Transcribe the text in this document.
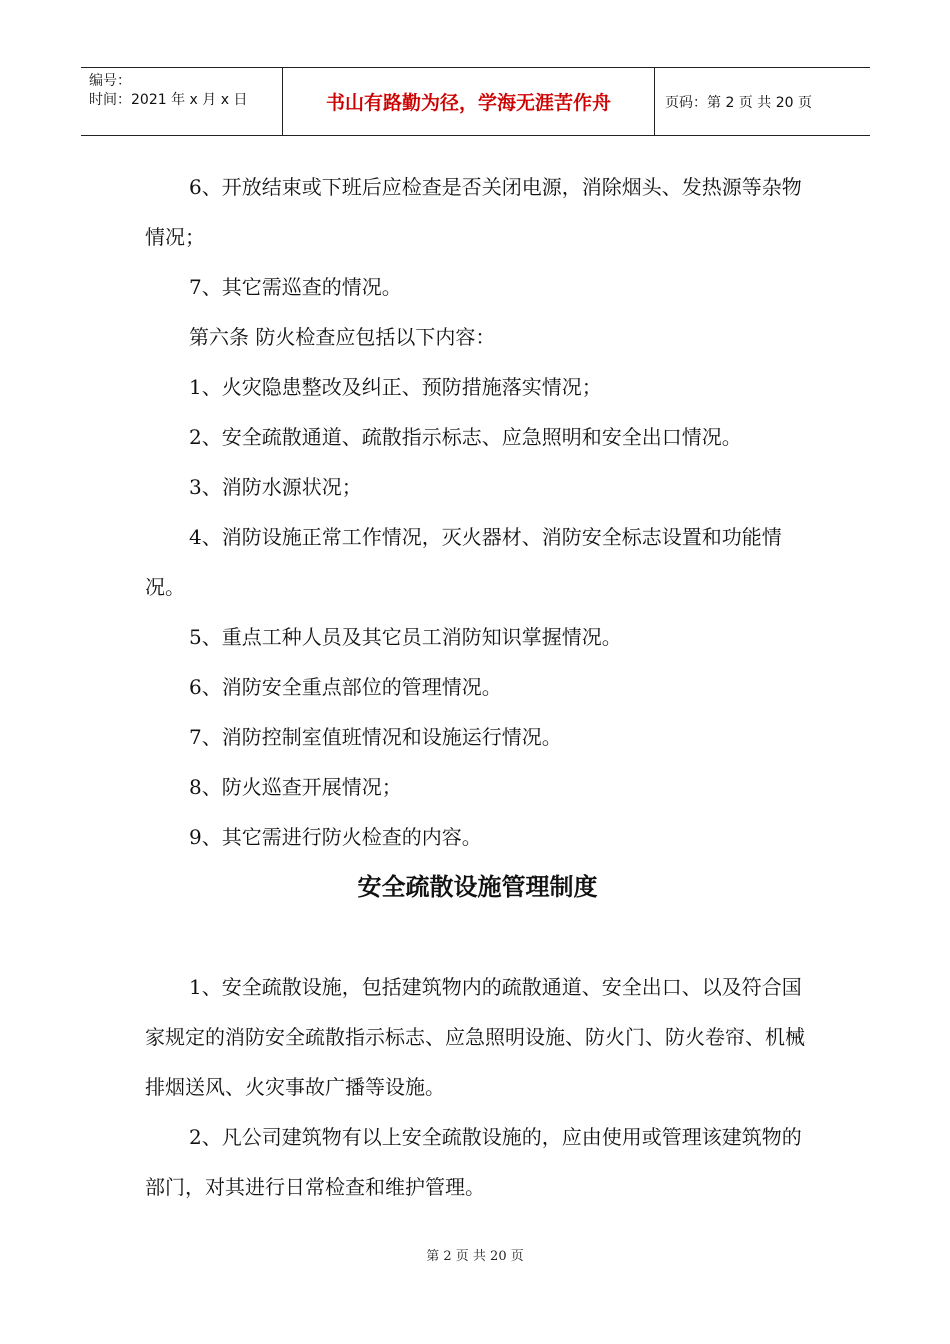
编号：
时间：2021 年 x 月 x 日	书山有路勤为径，学海无涯苦作舟	页码：第 2 页 共 20 页

6、开放结束或下班后应检查是否关闭电源，消除烟头、发热源等杂物情况；

7、其它需巡查的情况。

第六条 防火检查应包括以下内容：

1、火灾隐患整改及纠正、预防措施落实情况；

2、安全疏散通道、疏散指示标志、应急照明和安全出口情况。

3、消防水源状况；

4、消防设施正常工作情况，灭火器材、消防安全标志设置和功能情况。

5、重点工种人员及其它员工消防知识掌握情况。

6、消防安全重点部位的管理情况。

7、消防控制室值班情况和设施运行情况。

8、防火巡查开展情况；

9、其它需进行防火检查的内容。

安全疏散设施管理制度

1、安全疏散设施，包括建筑物内的疏散通道、安全出口、以及符合国家规定的消防安全疏散指示标志、应急照明设施、防火门、防火卷帘、机械排烟送风、火灾事故广播等设施。

2、凡公司建筑物有以上安全疏散设施的，应由使用或管理该建筑物的部门，对其进行日常检查和维护管理。

第 2 页 共 20 页
